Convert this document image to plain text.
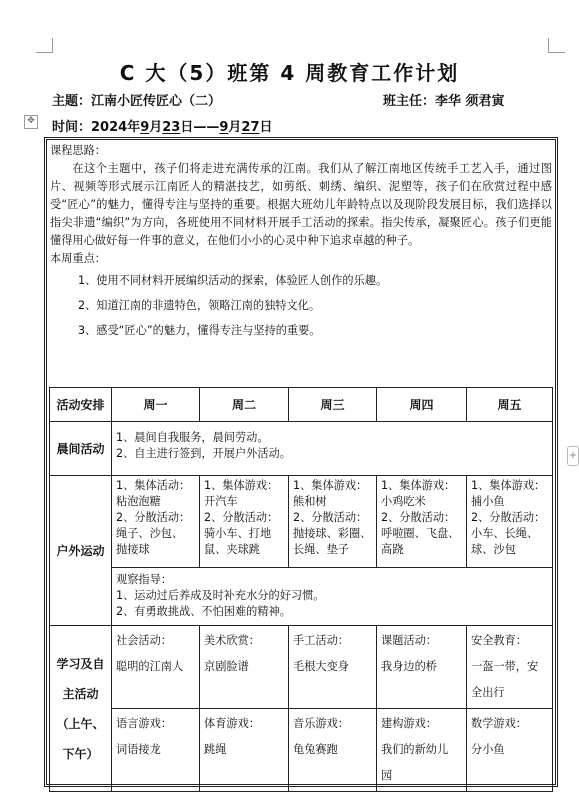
✥
+
C 大（5）班第 4 周教育工作计划
主题：江南小匠传匠心（二）	班主任：李华 须君寅
时间：2024年9月23日——9月27日

课程思路：

在这个主题中，孩子们将走进充满传承的江南。我们从了解江南地区传统手工艺入手，通过图片、视频等形式展示江南匠人的精湛技艺，如剪纸、刺绣、编织、泥塑等，孩子们在欣赏过程中感受“匠心”的魅力，懂得专注与坚持的重要。根据大班幼儿年龄特点以及现阶段发展目标，我们选择以指尖非遗“编织”为方向，各班使用不同材料开展手工活动的探索。指尖传承，凝聚匠心。孩子们更能懂得用心做好每一件事的意义，在他们小小的心灵中种下追求卓越的种子。

本周重点：

1、使用不同材料开展编织活动的探索，体验匠人创作的乐趣。

2、知道江南的非遗特色，领略江南的独特文化。

3、感受“匠心”的魅力，懂得专注与坚持的重要。

活动安排	周一	周二	周三	周四	周五
晨间活动	1、晨间自我服务，晨间劳动。
2、自主进行签到，开展户外活动。				

户外运动	1、集体活动：
粘泡泡糖
2、分散活动：
绳子、沙包、
抛接球	1、集体游戏：
开汽车
2、分散活动：
骑小车、打地
鼠、夹球跳	1、集体游戏：
熊和树
2、分散活动：
抛接球、彩圈、
长绳、垫子	1、集体游戏：
小鸡吃米
2、分散活动：
呼啦圈、飞盘、
高跷	1、集体游戏：
捕小鱼
2、分散活动：
小车、长绳、
球、沙包

	观察指导：
1、运动过后养成及时补充水分的好习惯。
2、有勇敢挑战、不怕困难的精神。				

学习及自
主活动
（上午、
下午）	社会活动：
聪明的江南人	美术欣赏：
京剧脸谱	手工活动：
毛根大变身	课题活动：
我身边的桥	安全教育：
一盔一带，安
全出行

	语言游戏：
词语接龙	体育游戏：
跳绳	音乐游戏：
龟兔赛跑	建构游戏：
我们的新幼儿
园	数学游戏：
分小鱼
